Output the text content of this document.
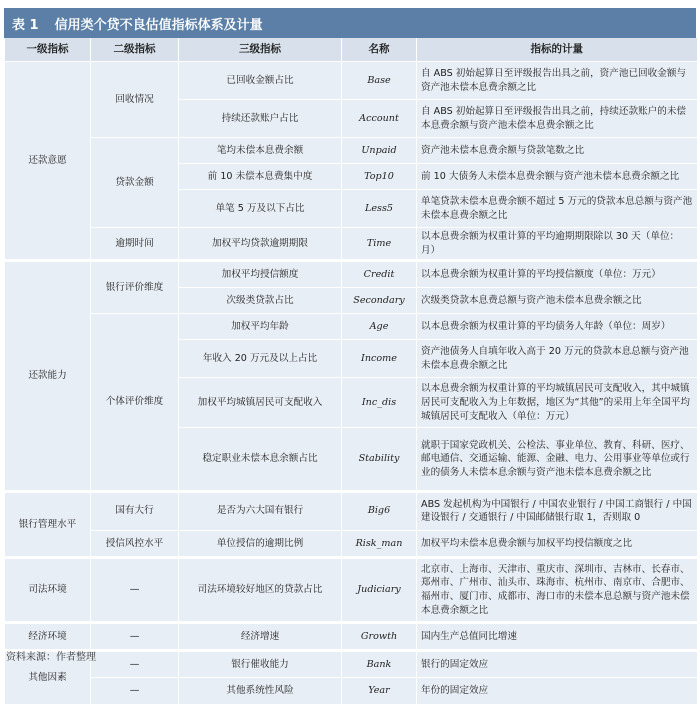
表 1 信用类个贷不良估值指标体系及计量
一级指标	二级指标	三级指标	名称	指标的计量
还款意愿	回收情况	已回收金额占比	Base	自 ABS 初始起算日至评级报告出具之前，资产池已回收金额与资产池未偿本息费余额之比
		持续还款账户占比	Account	自 ABS 初始起算日至评级报告出具之前，持续还款账户的未偿本息费余额与资产池未偿本息费余额之比
	贷款金额	笔均未偿本息费余额	Unpaid	资产池未偿本息费余额与贷款笔数之比
		前 10 未偿本息费集中度	Top10	前 10 大债务人未偿本息费余额与资产池未偿本息费余额之比
		单笔 5 万及以下占比	Less5	单笔贷款未偿本息费余额不超过 5 万元的贷款本息总额与资产池未偿本息费余额之比
	逾期时间	加权平均贷款逾期期限	Time	以本息费余额为权重计算的平均逾期期限除以 30 天（单位：月）

还款能力	银行评价维度	加权平均授信额度	Credit	以本息费余额为权重计算的平均授信额度（单位：万元）
		次级类贷款占比	Secondary	次级类贷款本息费总额与资产池未偿本息费余额之比
	个体评价维度	加权平均年龄	Age	以本息费余额为权重计算的平均债务人年龄（单位：周岁）
		年收入 20 万元及以上占比	Income	资产池债务人自填年收入高于 20 万元的贷款本息总额与资产池未偿本息费余额之比
		加权平均城镇居民可支配收入	Inc_dis	以本息费余额为权重计算的平均城镇居民可支配收入，其中城镇居民可支配收入为上年数据，地区为“其他”的采用上年全国平均城镇居民可支配收入（单位：万元）
		稳定职业未偿本息余额占比	Stability	就职于国家党政机关、公检法、事业单位、教育、科研、医疗、邮电通信、交通运输、能源、金融、电力、公用事业等单位或行业的债务人未偿本息余额与资产池未偿本息费余额之比

银行管理水平	国有大行	是否为六大国有银行	Big6	ABS 发起机构为中国银行 / 中国农业银行 / 中国工商银行 / 中国建设银行 / 交通银行 / 中国邮储银行取 1，否则取 0
	授信风控水平	单位授信的逾期比例	Risk_man	加权平均未偿本息费余额与加权平均授信额度之比

司法环境	—	司法环境较好地区的贷款占比	Judiciary	北京市、上海市、天津市、重庆市、深圳市、吉林市、长春市、郑州市、广州市、汕头市、珠海市、杭州市、南京市、合肥市、福州市、厦门市、成都市、海口市的未偿本息总额与资产池未偿本息费余额之比

经济环境	—	经济增速	Growth	国内生产总值同比增速

其他因素	—	银行催收能力	Bank	银行的固定效应
	—	其他系统性风险	Year	年份的固定效应
资料来源：作者整理
